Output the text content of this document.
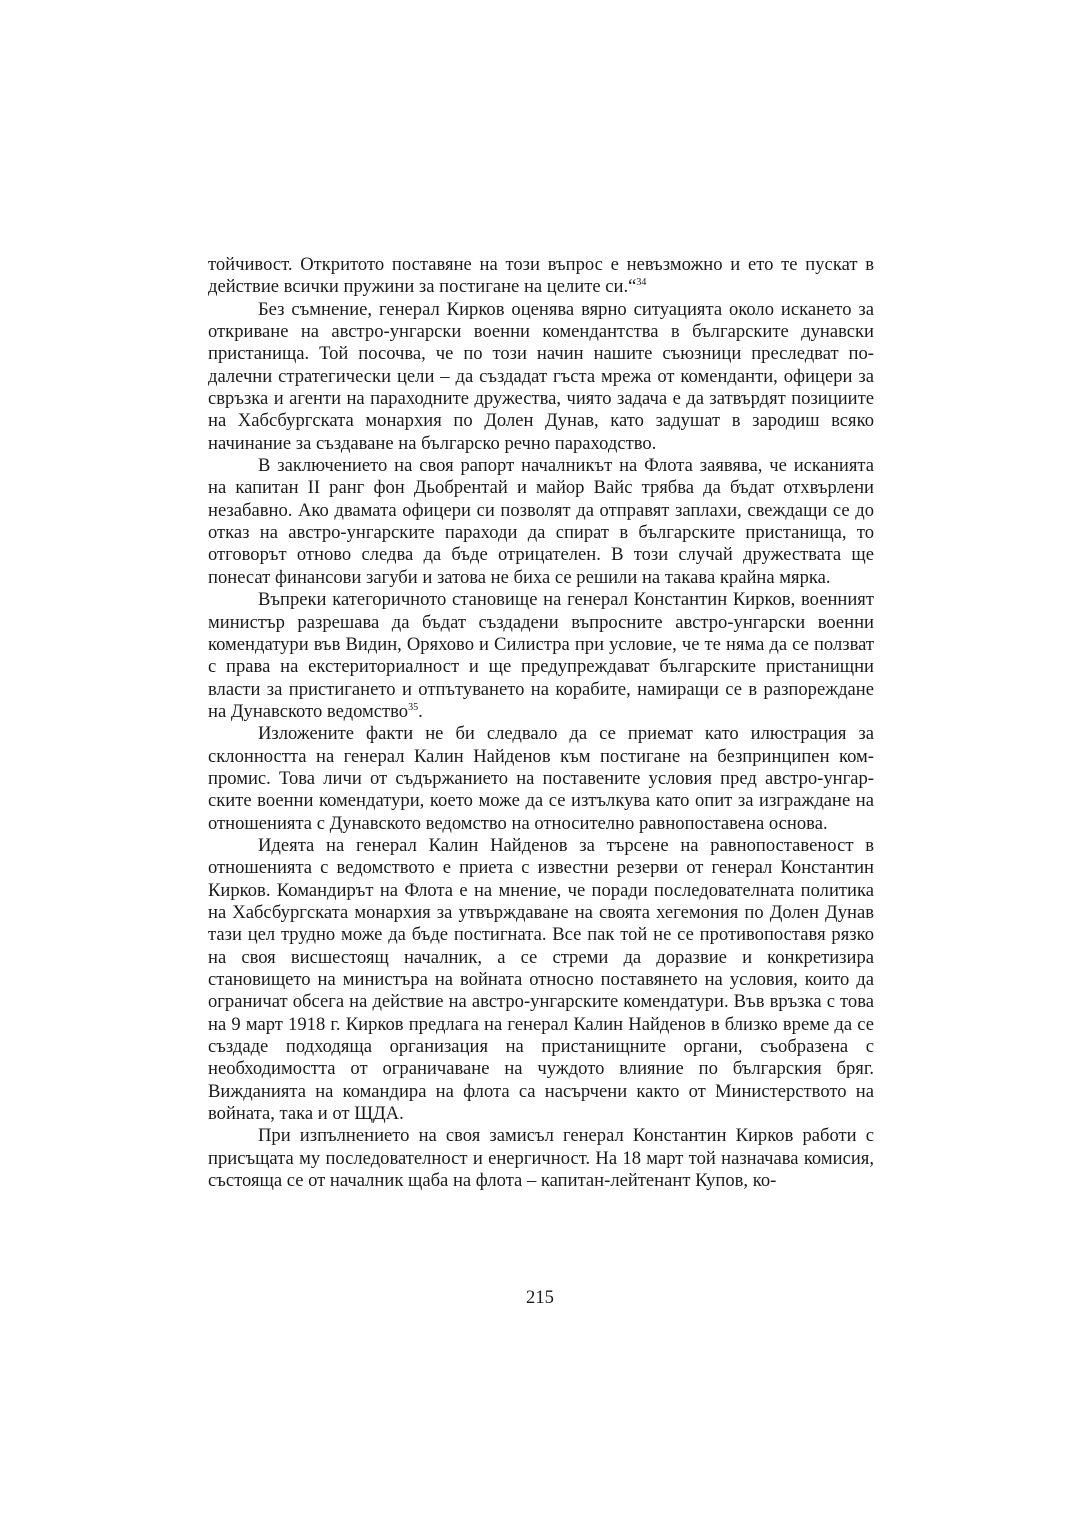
тойчивост. Откритото поставяне на този въпрос е невъзможно и ето те пускат в действие всички пружини за постигане на целите си.“$^{34}$

Без съмнение, генерал Кирков оценява вярно ситуацията около искането за откриване на австро-унгарски военни комендантства в българските дунавски пристанища. Той посочва, че по този начин нашите съюзници преследват подалечни стратегически цели – да създадат гъста мрежа от коменданти, офицери за свръзка и агенти на параходните дружества, чиято задача е да затвърдят позициите на Хабсбургската монархия по Долен Дунав, като задушат в зародиш всяко начинание за създаване на българско речно параходство.

В заключението на своя рапорт началникът на Флота заявява, че исканията на капитан II ранг фон Дьобрентай и майор Вайс трябва да бъдат отхвърлени незабавно. Ако двамата офицери си позволят да отправят заплахи, свеждащи се до отказ на австро-унгарските параходи да спират в българските пристанища, то отговорът отново следва да бъде отрицателен. В този случай дружествата ще понесат финансови загуби и затова не биха се решили на такава крайна мярка.

Въпреки категоричното становище на генерал Константин Кирков, военният министър разрешава да бъдат създадени въпросните австро-унгарски военни комендатури във Видин, Оряхово и Силистра при условие, че те няма да се ползват с права на екстериториалност и ще предупреждават българските пристанищни власти за пристигането и отпътуването на корабите, намиращи се в разпореждане на Дунавското ведомство$^{35}$.

Изложените факти не би следвало да се приемат като илюстрация за склонността на генерал Калин Найденов към постигане на безпринципен компромис. Това личи от съдържанието на поставените условия пред австро-унгарските военни комендатури, което може да се изтълкува като опит за изграждане на отношенията с Дунавското ведомство на относително равнопоставена основа.

Идеята на генерал Калин Найденов за търсене на равнопоставеност в отношенията с ведомството е приета с известни резерви от генерал Константин Кирков. Командирът на Флота е на мнение, че поради последователната политика на Хабсбургската монархия за утвърждаване на своята хегемония по Долен Дунав тази цел трудно може да бъде постигната. Все пак той не се противопоставя рязко на своя висшестоящ началник, а се стреми да доразвие и конкретизира становището на министъра на войната относно поставянето на условия, които да ограничат обсега на действие на австро-унгарските комендатури. Във връзка с това на 9 март 1918 г. Кирков предлага на генерал Калин Найденов в близко време да се създаде подходяща организация на пристанищните органи, съобразена с необходимостта от ограничаване на чуждото влияние по българския бряг. Вижданията на командира на флота са насърчени както от Министерството на войната, така и от ЩДА.

При изпълнението на своя замисъл генерал Константин Кирков работи с присъщата му последователност и енергичност. На 18 март той назначава комисия, състояща се от началник щаба на флота – капитан-лейтенант Купов, ко-

215
